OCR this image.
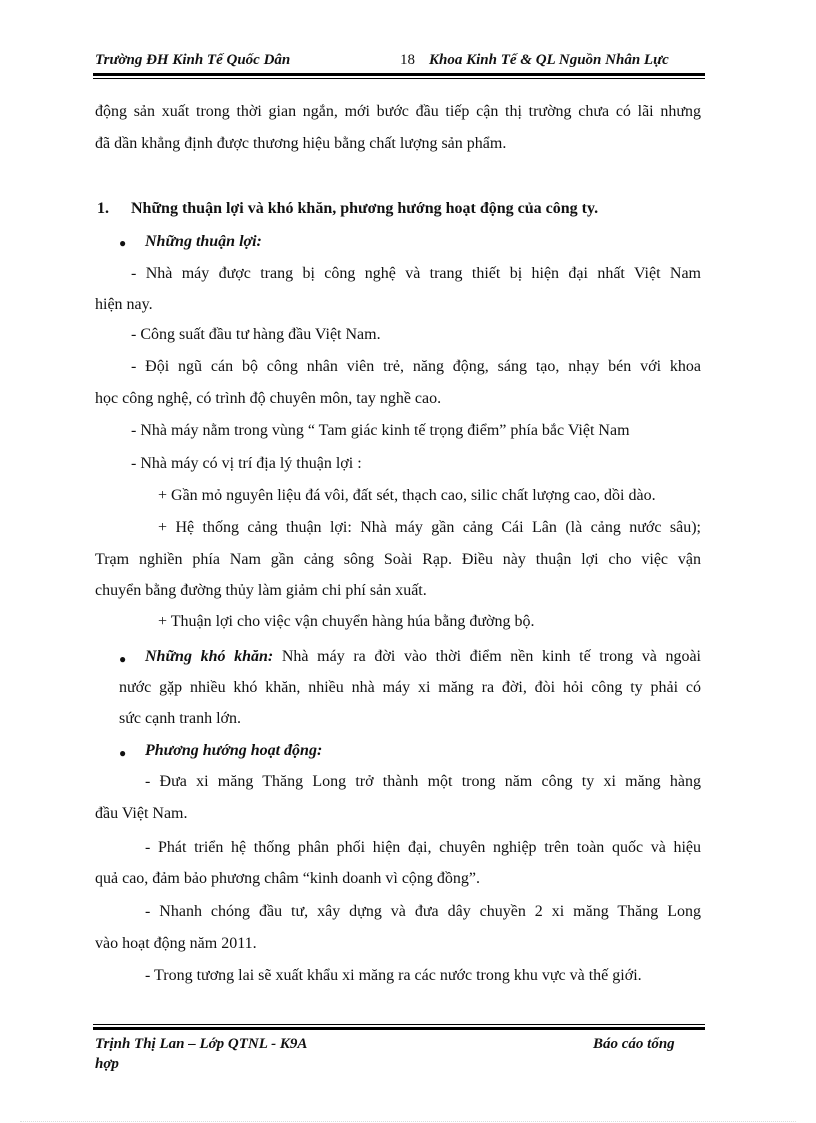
Trường ĐH Kinh Tế Quốc Dân	18 Khoa Kinh Tế & QL Nguồn Nhân Lực
động sản xuất trong thời gian ngắn, mới bước đầu tiếp cận thị trường chưa có lãi nhưng
đã dần khẳng định được thương hiệu bằng chất lượng sản phẩm.
1. Những thuận lợi và khó khăn, phương hướng hoạt động của công ty.
● Những thuận lợi:
- Nhà máy được trang bị công nghệ và trang thiết bị hiện đại nhất Việt Nam
hiện nay.
- Công suất đầu tư hàng đầu Việt Nam.
- Đội ngũ cán bộ công nhân viên trẻ, năng động, sáng tạo, nhạy bén với khoa
học công nghệ, có trình độ chuyên môn, tay nghề cao.
- Nhà máy nằm trong vùng “ Tam giác kinh tế trọng điểm” phía bắc Việt Nam
- Nhà máy có vị trí địa lý thuận lợi :
+ Gần mỏ nguyên liệu đá vôi, đất sét, thạch cao, silic chất lượng cao, dồi dào.
+ Hệ thống cảng thuận lợi: Nhà máy gần cảng Cái Lân (là cảng nước sâu);
Trạm nghiền phía Nam gần cảng sông Soài Rạp. Điều này thuận lợi cho việc vận
chuyển bằng đường thủy làm giảm chi phí sản xuất.
+ Thuận lợi cho việc vận chuyển hàng húa bằng đường bộ.
● Những khó khăn: Nhà máy ra đời vào thời điểm nền kinh tế trong và ngoài
nước gặp nhiều khó khăn, nhiều nhà máy xi măng ra đời, đòi hỏi công ty phải có
sức cạnh tranh lớn.
● Phương hướng hoạt động:
- Đưa xi măng Thăng Long trở thành một trong năm công ty xi măng hàng
đầu Việt Nam.
- Phát triển hệ thống phân phối hiện đại, chuyên nghiệp trên toàn quốc và hiệu
quả cao, đảm bảo phương châm “kinh doanh vì cộng đồng”.
- Nhanh chóng đầu tư, xây dựng và đưa dây chuyền 2 xi măng Thăng Long
vào hoạt động năm 2011.
- Trong tương lai sẽ xuất khẩu xi măng ra các nước trong khu vực và thế giới.
Trịnh Thị Lan – Lớp QTNL - K9A	Báo cáo tổng
hợp
